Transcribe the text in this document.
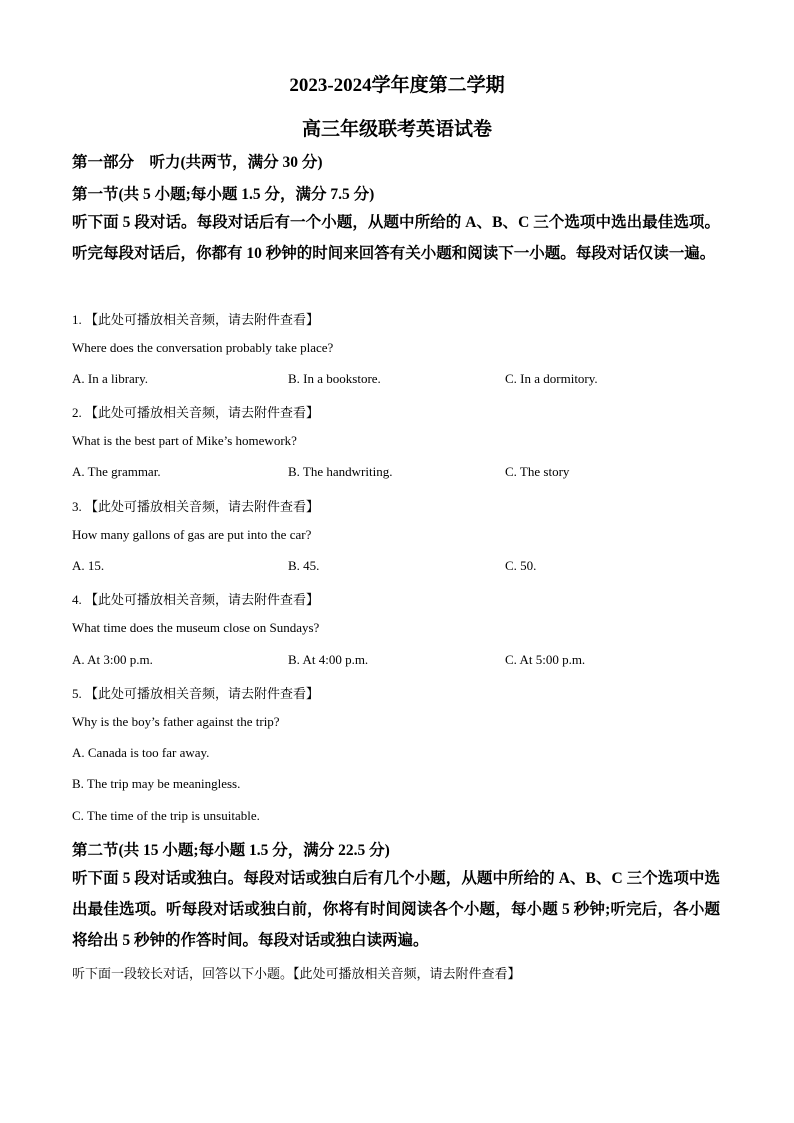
2023-2024学年度第二学期
高三年级联考英语试卷
第一部分　听力(共两节，满分 30 分)
第一节(共 5 小题;每小题 1.5 分，满分 7.5 分)
听下面 5 段对话。每段对话后有一个小题，从题中所给的 A、B、C 三个选项中选出最佳选项。听完每段对话后，你都有 10 秒钟的时间来回答有关小题和阅读下一小题。每段对话仅读一遍。
1. 【此处可播放相关音频，请去附件查看】
Where does the conversation probably take place?
A. In a library.	B. In a bookstore.	C. In a dormitory.
2. 【此处可播放相关音频，请去附件查看】
What is the best part of Mike’s homework?
A. The grammar.	B. The handwriting.	C. The story
3. 【此处可播放相关音频，请去附件查看】
How many gallons of gas are put into the car?
A. 15.	B. 45.	C. 50.
4. 【此处可播放相关音频，请去附件查看】
What time does the museum close on Sundays?
A. At 3:00 p.m.	B. At 4:00 p.m.	C. At 5:00 p.m.
5. 【此处可播放相关音频，请去附件查看】
Why is the boy’s father against the trip?
A. Canada is too far away.
B. The trip may be meaningless.
C. The time of the trip is unsuitable.
第二节(共 15 小题;每小题 1.5 分，满分 22.5 分)
听下面 5 段对话或独白。每段对话或独白后有几个小题，从题中所给的 A、B、C 三个选项中选出最佳选项。听每段对话或独白前，你将有时间阅读各个小题，每小题 5 秒钟;听完后，各小题将给出 5 秒钟的作答时间。每段对话或独白读两遍。
听下面一段较长对话，回答以下小题。【此处可播放相关音频，请去附件查看】
